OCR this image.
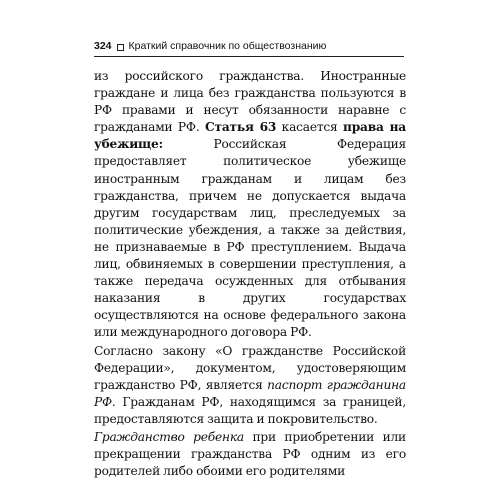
324 Краткий справочник по обществознанию

из российского гражданства. Иностранные граждане и лица без гражданства пользуются в РФ правами и несут обязанности наравне с гражданами РФ. Статья 63 касается права на убежище: Российская Федерация предоставляет политическое убежище иностранным гражданам и лицам без гражданства, причем не допускается выдача другим государствам лиц, преследуемых за политические убеждения, а также за действия, не признаваемые в РФ преступлением. Выдача лиц, обвиняемых в совершении преступления, а также передача осужденных для отбывания наказания в других государствах осуществляются на основе федерального закона или международного договора РФ.

Согласно закону «О гражданстве Российской Федерации», документом, удостоверяющим гражданство РФ, является паспорт гражданина РФ. Гражданам РФ, находящимся за границей, предоставляются защита и покровительство.

Гражданство ребенка при приобретении или прекращении гражданства РФ одним из его родителей либо обоими его родителями
